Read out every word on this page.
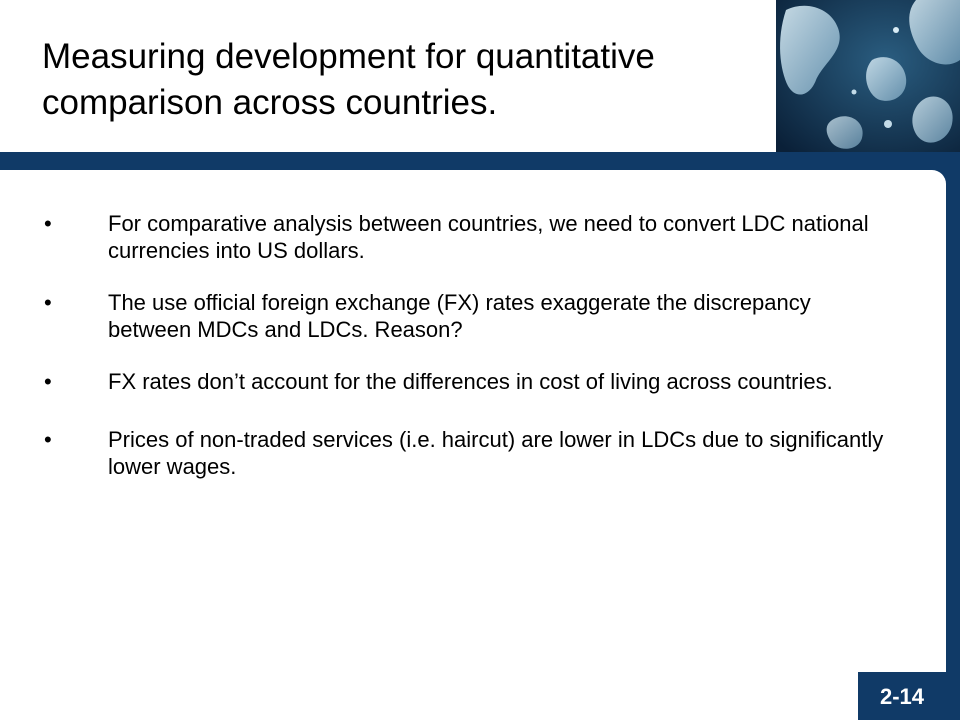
Measuring development for quantitative
comparison across countries.
•	For comparative analysis between countries, we need to convert LDC national currencies into US dollars.
•	The use official foreign exchange (FX) rates exaggerate the discrepancy between MDCs and LDCs. Reason?
•	FX rates don’t account for the differences in cost of living across countries.
•	Prices of non-traded services (i.e. haircut) are lower in LDCs due to significantly lower wages.
2-14
